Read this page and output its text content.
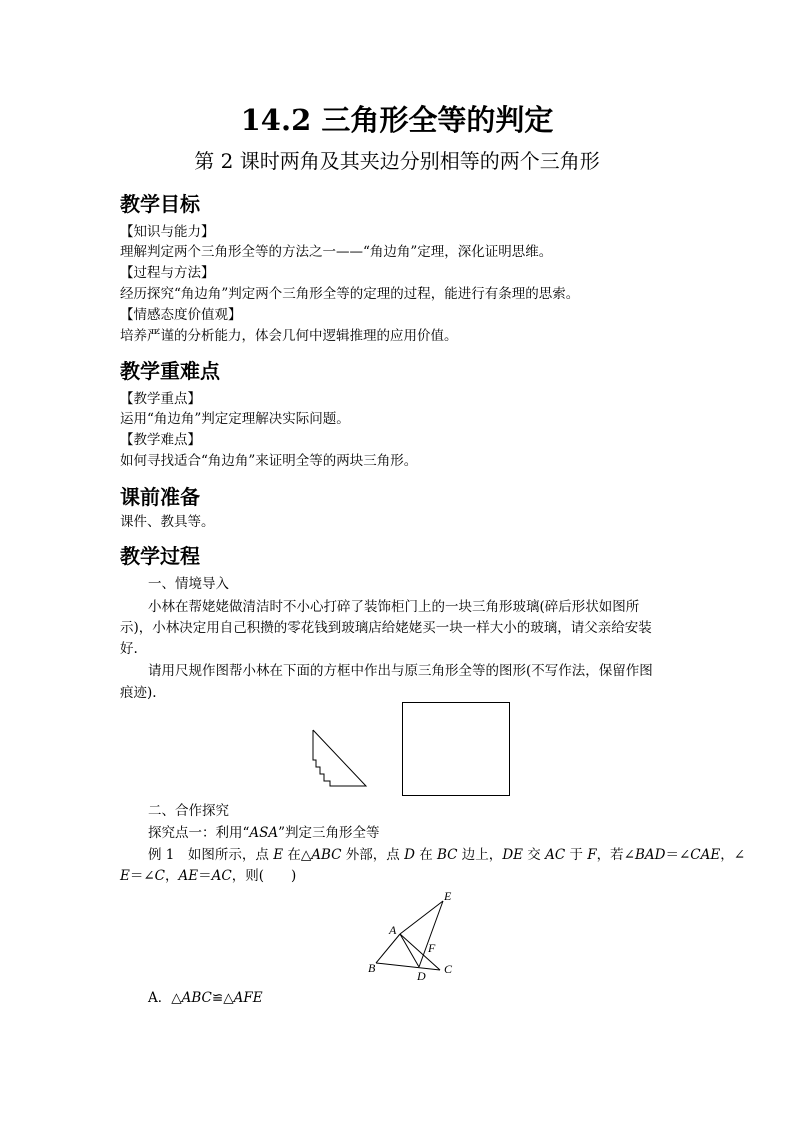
14.2 三角形全等的判定
第 2 课时两角及其夹边分别相等的两个三角形
教学目标
【知识与能力】
理解判定两个三角形全等的方法之一——“角边角”定理，深化证明思维。
【过程与方法】
经历探究“角边角”判定两个三角形全等的定理的过程，能进行有条理的思索。
【情感态度价值观】
培养严谨的分析能力，体会几何中逻辑推理的应用价值。
教学重难点
【教学重点】
运用“角边角”判定定理解决实际问题。
【教学难点】
如何寻找适合“角边角”来证明全等的两块三角形。
课前准备
课件、教具等。
教学过程
一、情境导入
小林在帮姥姥做清洁时不小心打碎了装饰柜门上的一块三角形玻璃(碎后形状如图所
示)，小林决定用自己积攒的零花钱到玻璃店给姥姥买一块一样大小的玻璃，请父亲给安装
好.
请用尺规作图帮小林在下面的方框中作出与原三角形全等的图形(不写作法，保留作图
痕迹).
二、合作探究
探究点一：利用“ASA”判定三角形全等
例 1　 如图所示，点 E 在△ABC 外部，点 D 在 BC 边上，DE 交 AC 于 F，若∠BAD＝∠CAE，∠
E＝∠C，AE＝AC，则(　　)
E
A
F
B
D C
A．△ABC≌△AFE
